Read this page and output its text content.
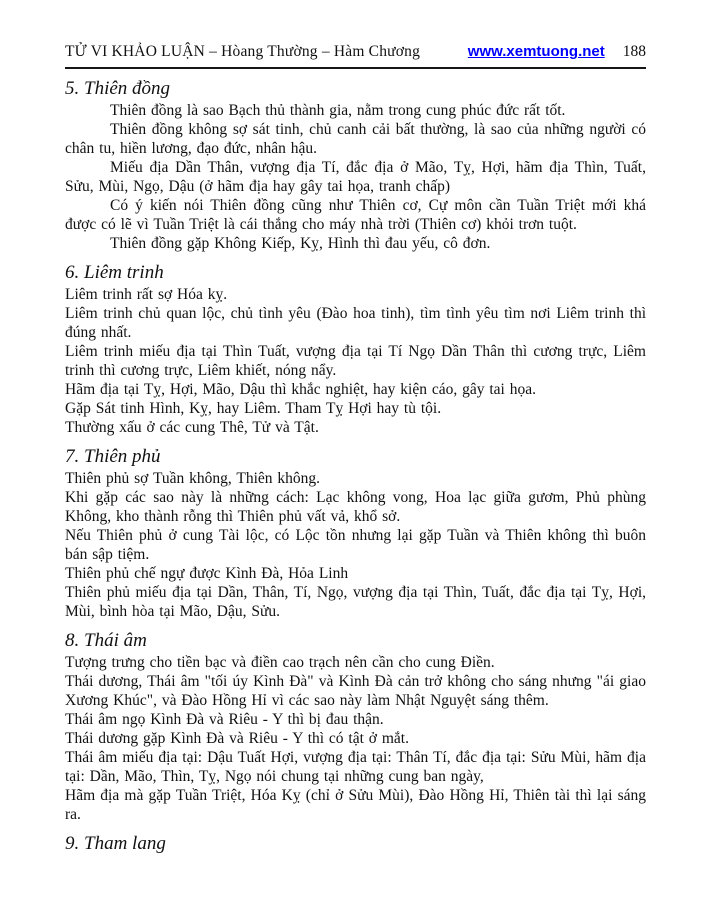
TỬ VI KHẢO LUẬN – Hòang Thường – Hàm Chương	www.xemtuong.net 188
5. Thiên đồng

Thiên đồng là sao Bạch thủ thành gia, nằm trong cung phúc đức rất tốt.

Thiên đồng không sợ sát tinh, chủ canh cải bất thường, là sao của những người có chân tu, hiền lương, đạo đức, nhân hậu.

Miếu địa Dần Thân, vượng địa Tí, đắc địa ở Mão, Tỵ, Hợi, hãm địa Thìn, Tuất, Sửu, Mùi, Ngọ, Dậu (ở hãm địa hay gây tai họa, tranh chấp)

Có ý kiến nói Thiên đồng cũng như Thiên cơ, Cự môn cần Tuần Triệt mới khá được có lẽ vì Tuần Triệt là cái thắng cho máy nhà trời (Thiên cơ) khỏi trơn tuột.

Thiên đồng gặp Không Kiếp, Kỵ, Hình thì đau yếu, cô đơn.

6. Liêm trinh

Liêm trinh rất sợ Hóa kỵ.

Liêm trinh chủ quan lộc, chủ tình yêu (Đào hoa tinh), tìm tình yêu tìm nơi Liêm trinh thì đúng nhất.

Liêm trinh miếu địa tại Thìn Tuất, vượng địa tại Tí Ngọ Dần Thân thì cương trực, Liêm trinh thì cương trực, Liêm khiết, nóng nẩy.

Hãm địa tại Tỵ, Hợi, Mão, Dậu thì khắc nghiệt, hay kiện cáo, gây tai họa.

Gặp Sát tinh Hình, Kỵ, hay Liêm. Tham Tỵ Hợi hay tù tội.

Thường xấu ở các cung Thê, Tử và Tật.

7. Thiên phủ

Thiên phủ sợ Tuần không, Thiên không.

Khi gặp các sao này là những cách: Lạc không vong, Hoa lạc giữa gươm, Phủ phùng Không, kho thành rỗng thì Thiên phủ vất vả, khổ sở.

Nếu Thiên phủ ở cung Tài lộc, có Lộc tồn nhưng lại gặp Tuần và Thiên không thì buôn bán sập tiệm.

Thiên phủ chế ngự được Kình Đà, Hỏa Linh

Thiên phủ miếu địa tại Dần, Thân, Tí, Ngọ, vượng địa tại Thìn, Tuất, đắc địa tại Tỵ, Hợi, Mùi, bình hòa tại Mão, Dậu, Sửu.

8. Thái âm

Tượng trưng cho tiền bạc và điền cao trạch nên cần cho cung Điền.

Thái dương, Thái âm "tối úy Kình Đà" và Kình Đà cản trở không cho sáng nhưng "ái giao Xương Khúc", và Đào Hồng Hỉ vì các sao này làm Nhật Nguyệt sáng thêm.

Thái âm ngọ Kình Đà và Riêu - Y thì bị đau thận.

Thái dương gặp Kình Đà và Riêu - Y thì có tật ở mắt.

Thái âm miếu địa tại: Dậu Tuất Hợi, vượng địa tại: Thân Tí, đắc địa tại: Sửu Mùi, hãm địa tại: Dần, Mão, Thìn, Tỵ, Ngọ nói chung tại những cung ban ngày,

Hãm địa mà gặp Tuần Triệt, Hóa Kỵ (chỉ ở Sửu Mùi), Đào Hồng Hỉ, Thiên tài thì lại sáng ra.

9. Tham lang
